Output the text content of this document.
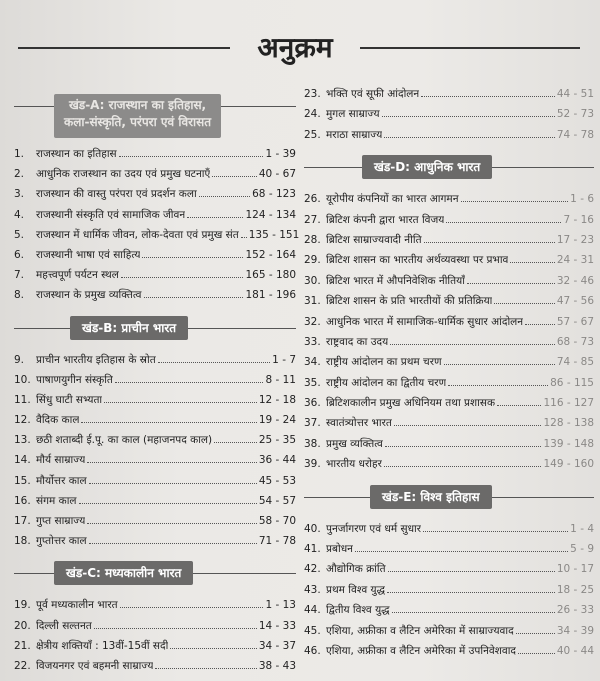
अनुक्रम
खंड-A: राजस्थान का इतिहास,
कला-संस्कृति, परंपरा एवं विरासत
1.	राजस्थान का इतिहास	1 - 39
2.	आधुनिक राजस्थान का उदय एवं प्रमुख घटनाएँ	40 - 67
3.	राजस्थान की वास्तु परंपरा एवं प्रदर्शन कला	68 - 123
4.	राजस्थानी संस्कृति एवं सामाजिक जीवन	124 - 134
5.	राजस्थान में धार्मिक जीवन, लोक-देवता एवं प्रमुख संत 135 - 151
6.	राजस्थानी भाषा एवं साहित्य	152 - 164
7.	महत्त्वपूर्ण पर्यटन स्थल	165 - 180
8.	राजस्थान के प्रमुख व्यक्तित्व	181 - 196
खंड-B: प्राचीन भारत
9.	प्राचीन भारतीय इतिहास के स्रोत	1 - 7
10. पाषाणयुगीन संस्कृति	8 - 11
11. सिंधु घाटी सभ्यता	12 - 18
12. वैदिक काल	19 - 24
13. छठी शताब्दी ई.पू. का काल (महाजनपद काल)	25 - 35
14. मौर्य साम्राज्य	36 - 44
15. मौर्योत्तर काल	45 - 53
16. संगम काल	54 - 57
17. गुप्त साम्राज्य	58 - 70
18. गुप्तोत्तर काल	71 - 78
खंड-C: मध्यकालीन भारत
19. पूर्व मध्यकालीन भारत	1 - 13
20. दिल्ली सल्तनत	14 - 33
21. क्षेत्रीय शक्तियाँ : 13वीं-15वीं सदी	34 - 37
22. विजयनगर एवं बहमनी साम्राज्य	38 - 43
23. भक्ति एवं सूफी आंदोलन	44 - 51
24. मुगल साम्राज्य	52 - 73
25. मराठा साम्राज्य	74 - 78
खंड-D: आधुनिक भारत
26. यूरोपीय कंपनियों का भारत आगमन	1 - 6
27. ब्रिटिश कंपनी द्वारा भारत विजय	7 - 16
28. ब्रिटिश साम्राज्यवादी नीति	17 - 23
29. ब्रिटिश शासन का भारतीय अर्थव्यवस्था पर प्रभाव	24 - 31
30. ब्रिटिश भारत में औपनिवेशिक नीतियाँ	32 - 46
31. ब्रिटिश शासन के प्रति भारतीयों की प्रतिक्रिया	47 - 56
32. आधुनिक भारत में सामाजिक-धार्मिक सुधार आंदोलन	57 - 67
33. राष्ट्रवाद का उदय	68 - 73
34. राष्ट्रीय आंदोलन का प्रथम चरण	74 - 85
35. राष्ट्रीय आंदोलन का द्वितीय चरण	86 - 115
36. ब्रिटिशकालीन प्रमुख अधिनियम तथा प्रशासक	116 - 127
37. स्वातंत्र्योत्तर भारत	128 - 138
38. प्रमुख व्यक्तित्व	139 - 148
39. भारतीय धरोहर	149 - 160
खंड-E: विश्व इतिहास
40. पुनर्जागरण एवं धर्म सुधार	1 - 4
41. प्रबोधन	5 - 9
42. औद्योगिक क्रांति	10 - 17
43. प्रथम विश्व युद्ध	18 - 25
44. द्वितीय विश्व युद्ध	26 - 33
45. एशिया, अफ्रीका व लैटिन अमेरिका में साम्राज्यवाद	34 - 39
46. एशिया, अफ्रीका व लैटिन अमेरिका में उपनिवेशवाद	40 - 44
